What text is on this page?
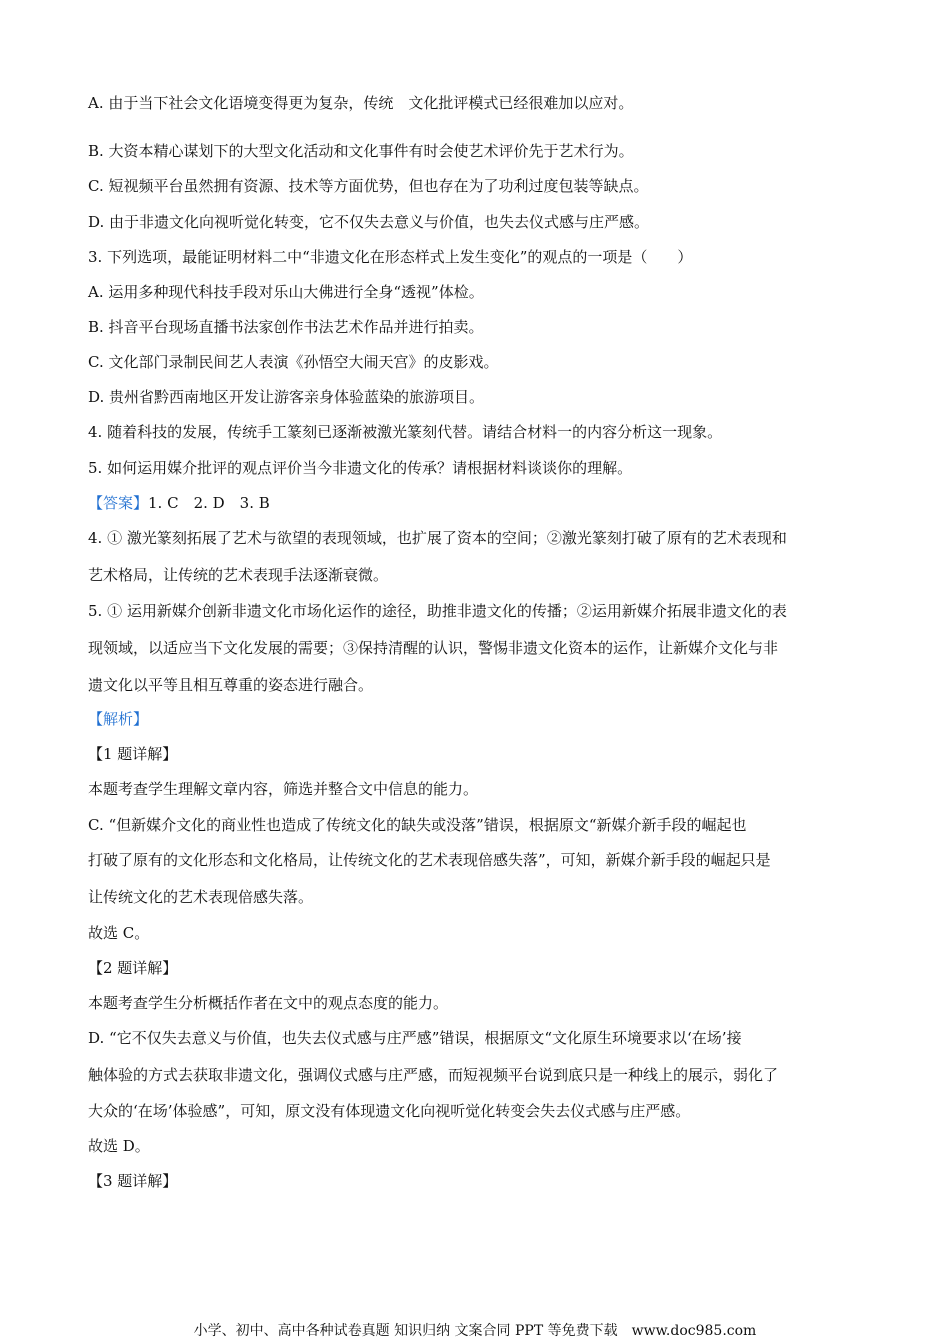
A. 由于当下社会文化语境变得更为复杂，传统　文化批评模式已经很难加以应对。
B. 大资本精心谋划下的大型文化活动和文化事件有时会使艺术评价先于艺术行为。
C. 短视频平台虽然拥有资源、技术等方面优势，但也存在为了功利过度包装等缺点。
D. 由于非遗文化向视听觉化转变，它不仅失去意义与价值，也失去仪式感与庄严感。
3. 下列选项，最能证明材料二中“非遗文化在形态样式上发生变化”的观点的一项是（　　）
A. 运用多种现代科技手段对乐山大佛进行全身“透视”体检。
B. 抖音平台现场直播书法家创作书法艺术作品并进行拍卖。
C. 文化部门录制民间艺人表演《孙悟空大闹天宫》的皮影戏。
D. 贵州省黔西南地区开发让游客亲身体验蓝染的旅游项目。
4. 随着科技的发展，传统手工篆刻已逐渐被激光篆刻代替。请结合材料一的内容分析这一现象。
5. 如何运用媒介批评的观点评价当今非遗文化的传承？请根据材料谈谈你的理解。
【答案】1. C　2. D　3. B
4. ① 激光篆刻拓展了艺术与欲望的表现领域，也扩展了资本的空间；②激光篆刻打破了原有的艺术表现和
艺术格局，让传统的艺术表现手法逐渐衰微。
5. ① 运用新媒介创新非遗文化市场化运作的途径，助推非遗文化的传播；②运用新媒介拓展非遗文化的表
现领域，以适应当下文化发展的需要；③保持清醒的认识，警惕非遗文化资本的运作，让新媒介文化与非
遗文化以平等且相互尊重的姿态进行融合。
【解析】
【1 题详解】
本题考查学生理解文章内容，筛选并整合文中信息的能力。
C. “但新媒介文化的商业性也造成了传统文化的缺失或没落”错误，根据原文“新媒介新手段的崛起也
打破了原有的文化形态和文化格局，让传统文化的艺术表现倍感失落”，可知，新媒介新手段的崛起只是
让传统文化的艺术表现倍感失落。
故选 C。
【2 题详解】
本题考查学生分析概括作者在文中的观点态度的能力。
D. “它不仅失去意义与价值，也失去仪式感与庄严感”错误，根据原文“文化原生环境要求以‘在场’接
触体验的方式去获取非遗文化，强调仪式感与庄严感，而短视频平台说到底只是一种线上的展示，弱化了
大众的‘在场’体验感”，可知，原文没有体现遗文化向视听觉化转变会失去仪式感与庄严感。
故选 D。
【3 题详解】
小学、初中、高中各种试卷真题 知识归纳 文案合同 PPT 等免费下载　www.doc985.com
